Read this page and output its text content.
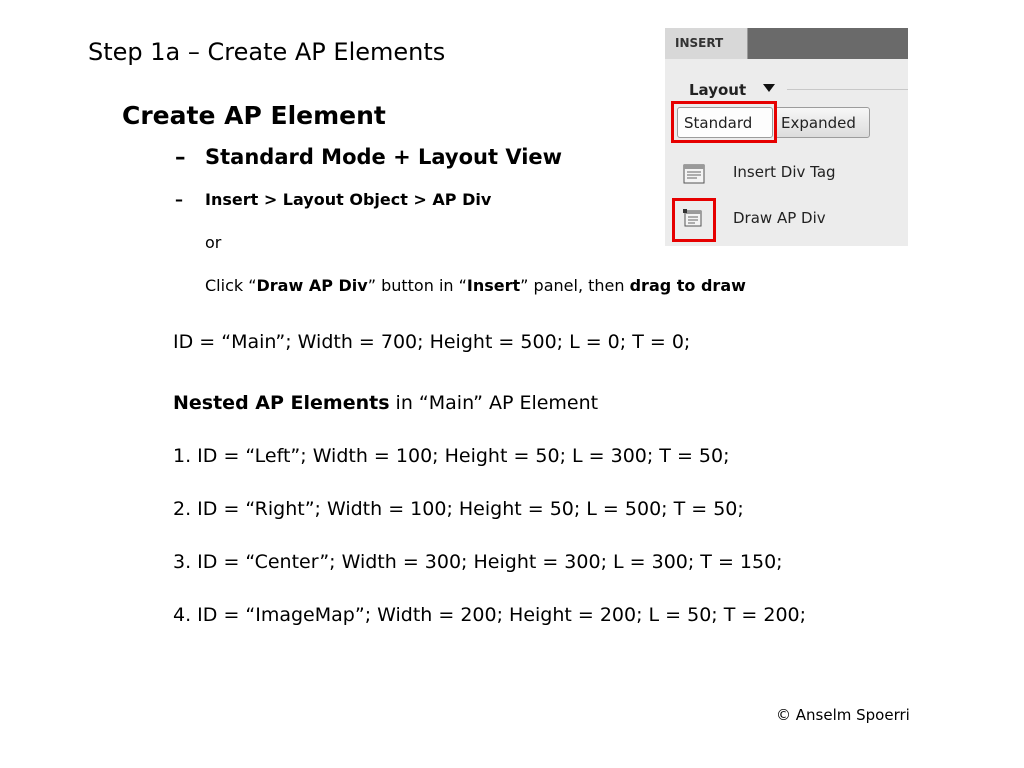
Step 1a – Create AP Elements
Create AP Element
– Standard Mode + Layout View
– Insert > Layout Object > AP Div
or
Click “Draw AP Div” button in “Insert” panel, then drag to draw
ID = “Main”; Width = 700; Height = 500; L = 0; T = 0;
Nested AP Elements in “Main” AP Element
1. ID = “Left”; Width = 100; Height = 50; L = 300; T = 50;
2. ID = “Right”; Width = 100; Height = 50; L = 500; T = 50;
3. ID = “Center”; Width = 300; Height = 300; L = 300; T = 150;
4. ID = “ImageMap”; Width = 200; Height = 200; L = 50; T = 200;
© Anselm Spoerri
INSERT
Layout
Standard	Expanded
Insert Div Tag
Draw AP Div
